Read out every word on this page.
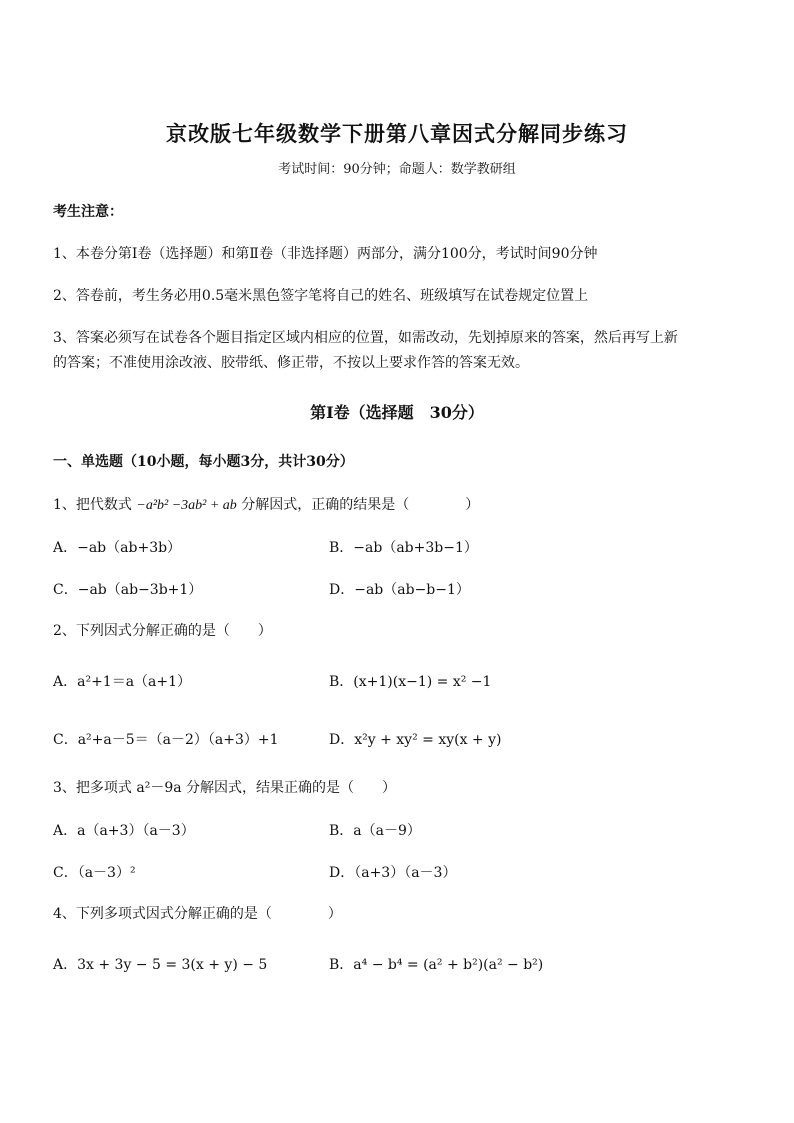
京改版七年级数学下册第八章因式分解同步练习
考试时间：90分钟；命题人：数学教研组
考生注意：
1、本卷分第Ⅰ卷（选择题）和第Ⅱ卷（非选择题）两部分，满分100分，考试时间90分钟
2、答卷前，考生务必用0.5毫米黑色签字笔将自己的姓名、班级填写在试卷规定位置上
3、答案必须写在试卷各个题目指定区域内相应的位置，如需改动，先划掉原来的答案，然后再写上新
的答案；不准使用涂改液、胶带纸、修正带，不按以上要求作答的答案无效。
第Ⅰ卷（选择题　30分）
一、单选题（10小题，每小题3分，共计30分）
1、把代数式 −a²b² −3ab² + ab 分解因式，正确的结果是（　　　　）
A．−ab（ab+3b）	B．−ab（ab+3b−1）
C．−ab（ab−3b+1）	D．−ab（ab−b−1）
2、下列因式分解正确的是（　　）
A．a²+1＝a（a+1）	B．(x+1)(x−1) = x² −1
C．a²+a－5＝（a－2）（a+3）+1	D．x²y + xy² = xy(x + y)
3、把多项式 a²－9a 分解因式，结果正确的是（　　）
A．a（a+3）（a－3）	B．a（a－9）
C．（a－3）²	D．（a+3）（a－3）
4、下列多项式因式分解正确的是（　　　　）
A．3x + 3y − 5 = 3(x + y) − 5	B．a⁴ − b⁴ = (a² + b²)(a² − b²)
